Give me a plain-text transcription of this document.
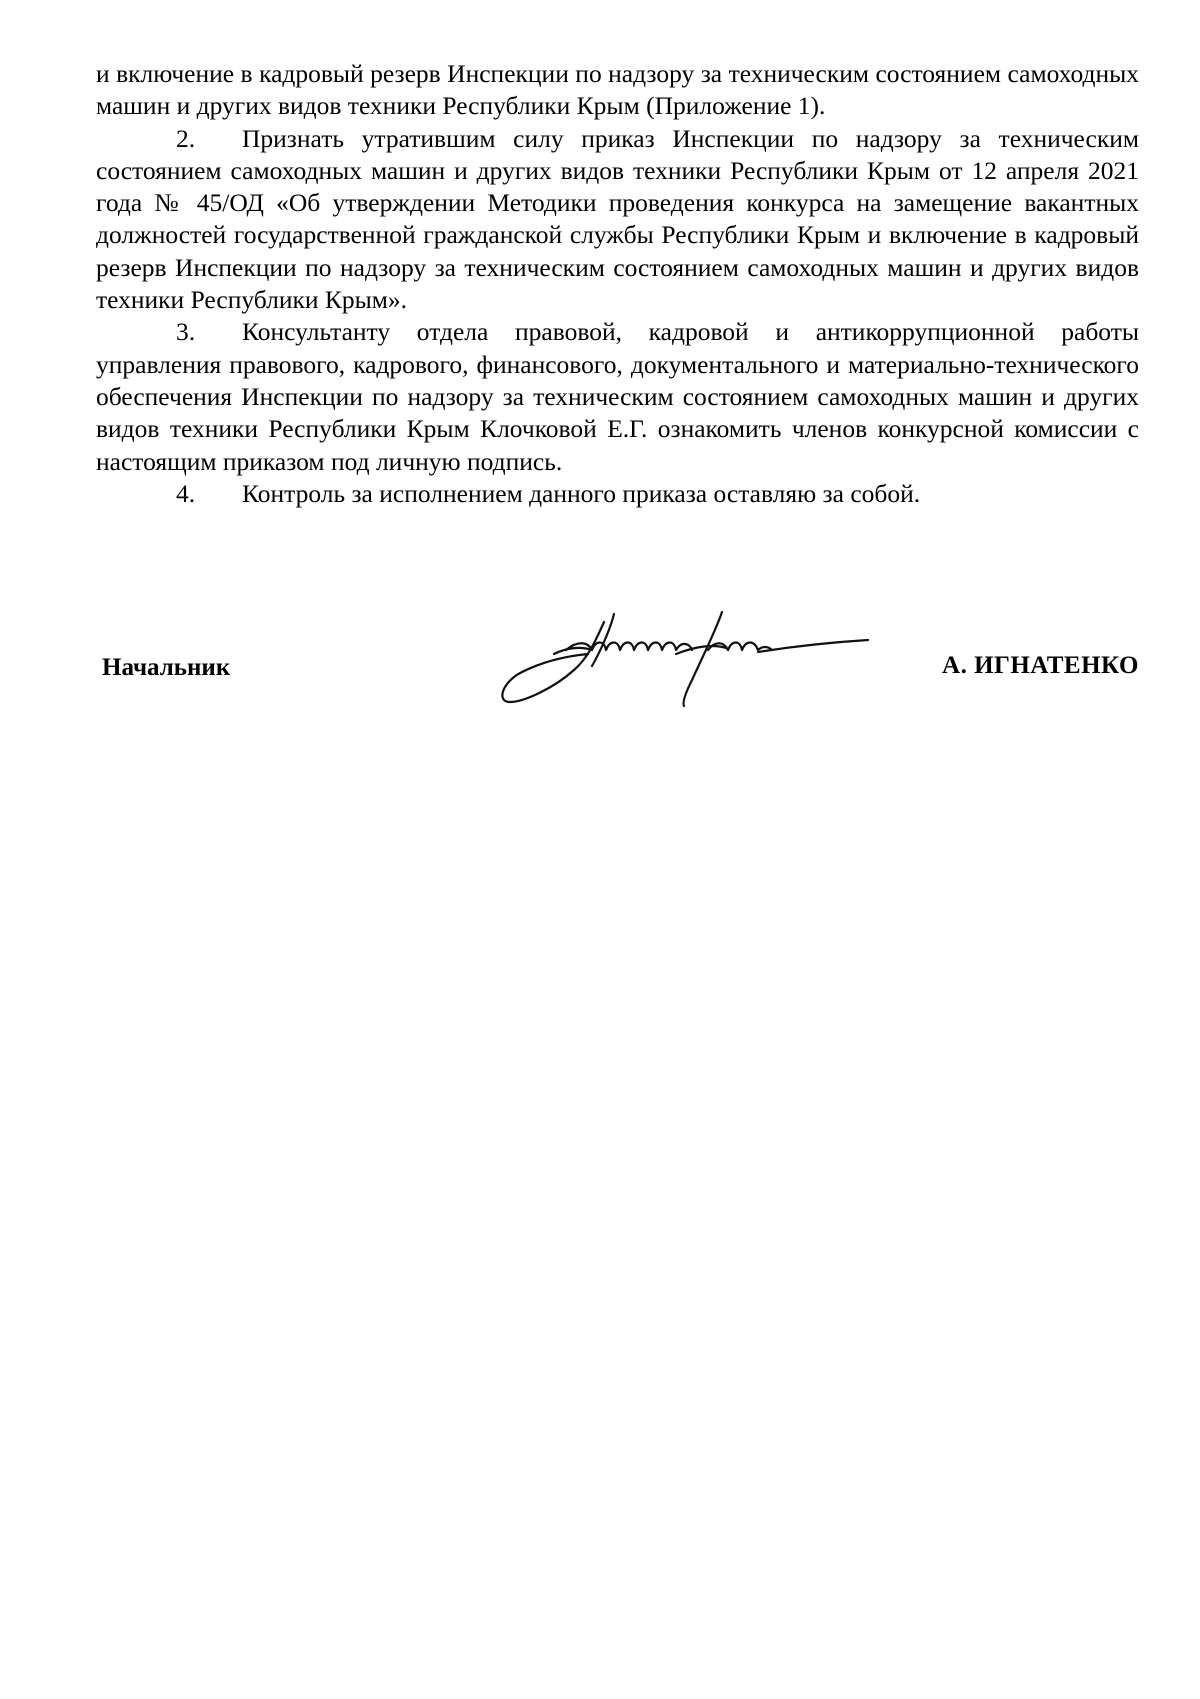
и включение в кадровый резерв Инспекции по надзору за техническим состоянием самоходных машин и других видов техники Республики Крым (Приложение 1).

2. Признать утратившим силу приказ Инспекции по надзору за техническим состоянием самоходных машин и других видов техники Республики Крым от 12 апреля 2021 года № 45/ОД «Об утверждении Методики проведения конкурса на замещение вакантных должностей государственной гражданской службы Республики Крым и включение в кадровый резерв Инспекции по надзору за техническим состоянием самоходных машин и других видов техники Республики Крым».

3. Консультанту отдела правовой, кадровой и антикоррупционной работы управления правового, кадрового, финансового, документального и материально-технического обеспечения Инспекции по надзору за техническим состоянием самоходных машин и других видов техники Республики Крым Клочковой Е.Г. ознакомить членов конкурсной комиссии с настоящим приказом под личную подпись.

4. Контроль за исполнением данного приказа оставляю за собой.

Начальник	А. ИГНАТЕНКО
